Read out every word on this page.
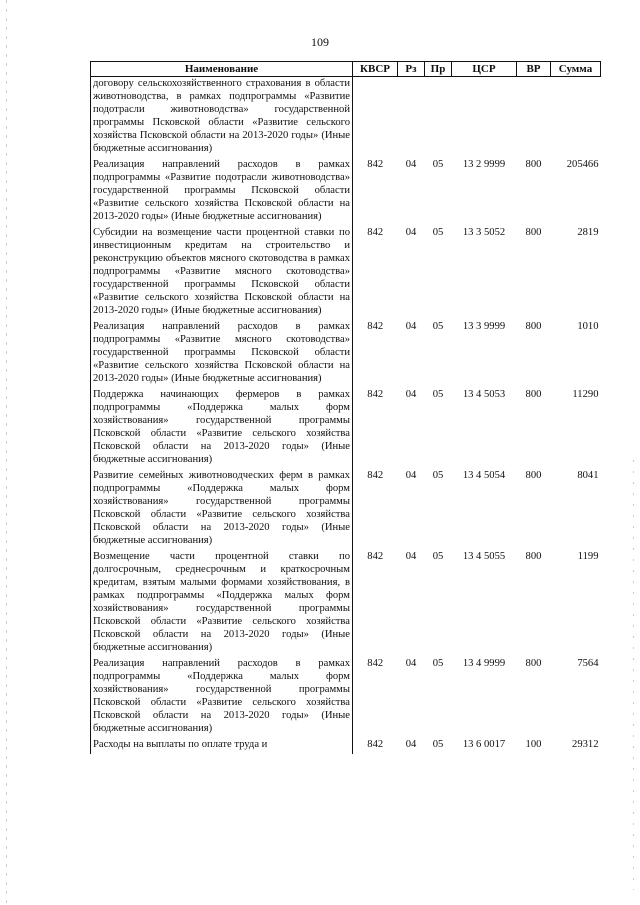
109
Наименование	КВСР	Рз	Пр	ЦСР	ВР	Сумма
договору сельскохозяйственного страхования в области животноводства, в рамках подпрограммы «Развитие подотрасли животноводства» государственной программы Псковской области «Развитие сельского хозяйства Псковской области на 2013-2020 годы» (Иные бюджетные ассигнования)						
Реализация направлений расходов в рамках подпрограммы «Развитие подотрасли животноводства» государственной программы Псковской области «Развитие сельского хозяйства Псковской области на 2013-2020 годы» (Иные бюджетные ассигнования)	842	04	05	13 2 9999	800	205466
Субсидии на возмещение части процентной ставки по инвестиционным кредитам на строительство и реконструкцию объектов мясного скотоводства в рамках подпрограммы «Развитие мясного скотоводства» государственной программы Псковской области «Развитие сельского хозяйства Псковской области на 2013-2020 годы» (Иные бюджетные ассигнования)	842	04	05	13 3 5052	800	2819
Реализация направлений расходов в рамках подпрограммы «Развитие мясного скотоводства» государственной программы Псковской области «Развитие сельского хозяйства Псковской области на 2013-2020 годы» (Иные бюджетные ассигнования)	842	04	05	13 3 9999	800	1010
Поддержка начинающих фермеров в рамках подпрограммы «Поддержка малых форм хозяйствования» государственной программы Псковской области «Развитие сельского хозяйства Псковской области на 2013-2020 годы» (Иные бюджетные ассигнования)	842	04	05	13 4 5053	800	11290
Развитие семейных животноводческих ферм в рамках подпрограммы «Поддержка малых форм хозяйствования» государственной программы Псковской области «Развитие сельского хозяйства Псковской области на 2013-2020 годы» (Иные бюджетные ассигнования)	842	04	05	13 4 5054	800	8041
Возмещение части процентной ставки по долгосрочным, среднесрочным и краткосрочным кредитам, взятым малыми формами хозяйствования, в рамках подпрограммы «Поддержка малых форм хозяйствования» государственной программы Псковской области «Развитие сельского хозяйства Псковской области на 2013-2020 годы» (Иные бюджетные ассигнования)	842	04	05	13 4 5055	800	1199
Реализация направлений расходов в рамках подпрограммы «Поддержка малых форм хозяйствования» государственной программы Псковской области «Развитие сельского хозяйства Псковской области на 2013-2020 годы» (Иные бюджетные ассигнования)	842	04	05	13 4 9999	800	7564
Расходы на выплаты по оплате труда и	842	04	05	13 6 0017	100	29312
